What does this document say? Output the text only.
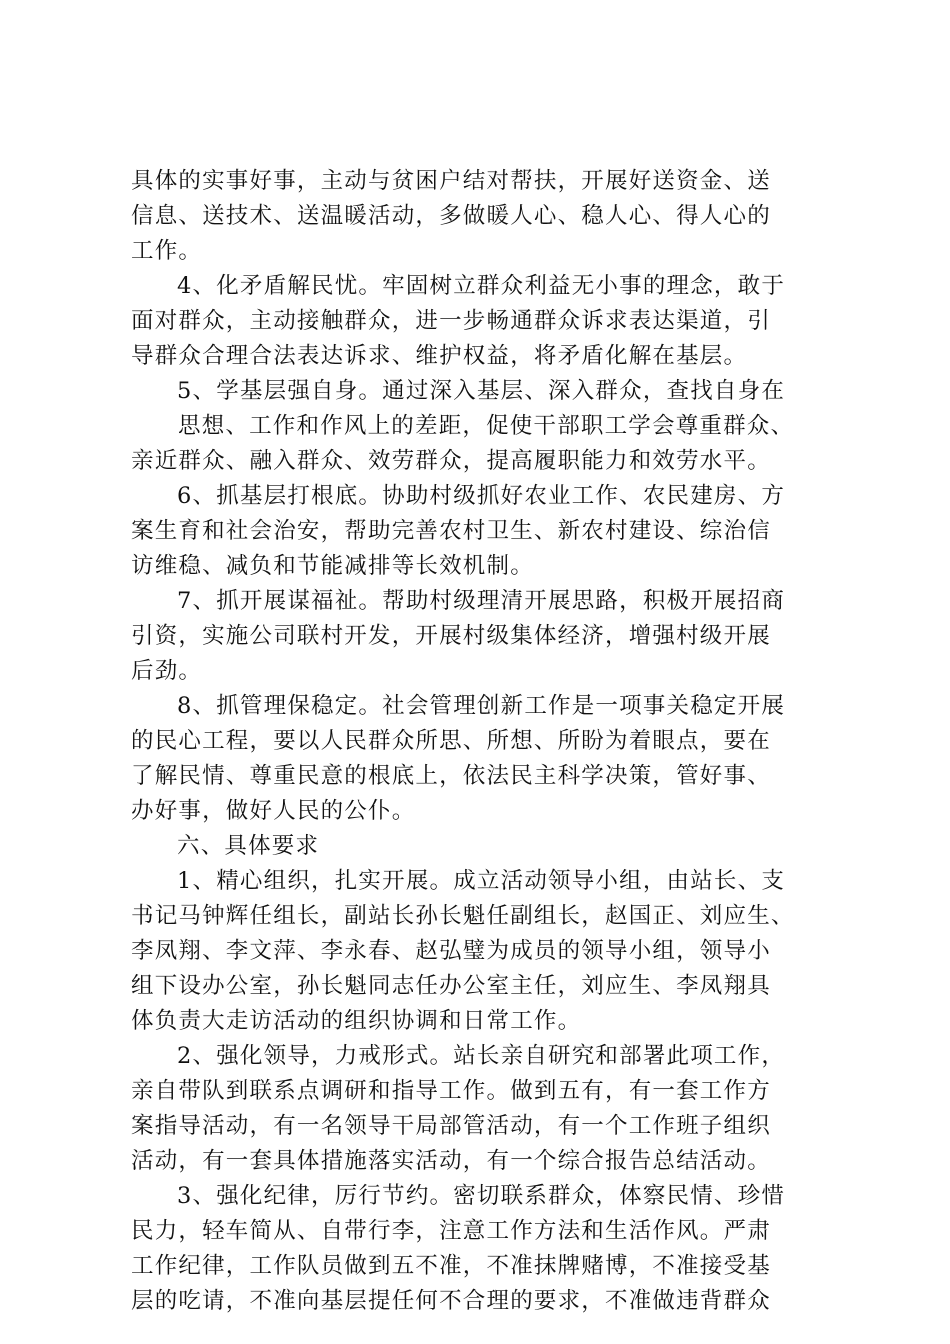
具体的实事好事，主动与贫困户结对帮扶，开展好送资金、送
信息、送技术、送温暖活动，多做暖人心、稳人心、得人心的
工作。
4、化矛盾解民忧。牢固树立群众利益无小事的理念，敢于
面对群众，主动接触群众，进一步畅通群众诉求表达渠道，引
导群众合理合法表达诉求、维护权益，将矛盾化解在基层。
5、学基层强自身。通过深入基层、深入群众，查找自身在
思想、工作和作风上的差距，促使干部职工学会尊重群众、
亲近群众、融入群众、效劳群众，提高履职能力和效劳水平。
6、抓基层打根底。协助村级抓好农业工作、农民建房、方
案生育和社会治安，帮助完善农村卫生、新农村建设、综治信
访维稳、减负和节能减排等长效机制。
7、抓开展谋福祉。帮助村级理清开展思路，积极开展招商
引资，实施公司联村开发，开展村级集体经济，增强村级开展
后劲。
8、抓管理保稳定。社会管理创新工作是一项事关稳定开展
的民心工程，要以人民群众所思、所想、所盼为着眼点，要在
了解民情、尊重民意的根底上，依法民主科学决策，管好事、
办好事，做好人民的公仆。
六、具体要求
1、精心组织，扎实开展。成立活动领导小组，由站长、支
书记马钟辉任组长，副站长孙长魁任副组长，赵国正、刘应生、
李凤翔、李文萍、李永春、赵弘璧为成员的领导小组，领导小
组下设办公室，孙长魁同志任办公室主任，刘应生、李凤翔具
体负责大走访活动的组织协调和日常工作。
2、强化领导，力戒形式。站长亲自研究和部署此项工作，
亲自带队到联系点调研和指导工作。做到五有，有一套工作方
案指导活动，有一名领导干局部管活动，有一个工作班子组织
活动，有一套具体措施落实活动，有一个综合报告总结活动。
3、强化纪律，厉行节约。密切联系群众，体察民情、珍惜
民力，轻车简从、自带行李，注意工作方法和生活作风。严肃
工作纪律，工作队员做到五不准，不准抹牌赌博，不准接受基
层的吃请，不准向基层提任何不合理的要求，不准做违背群众
